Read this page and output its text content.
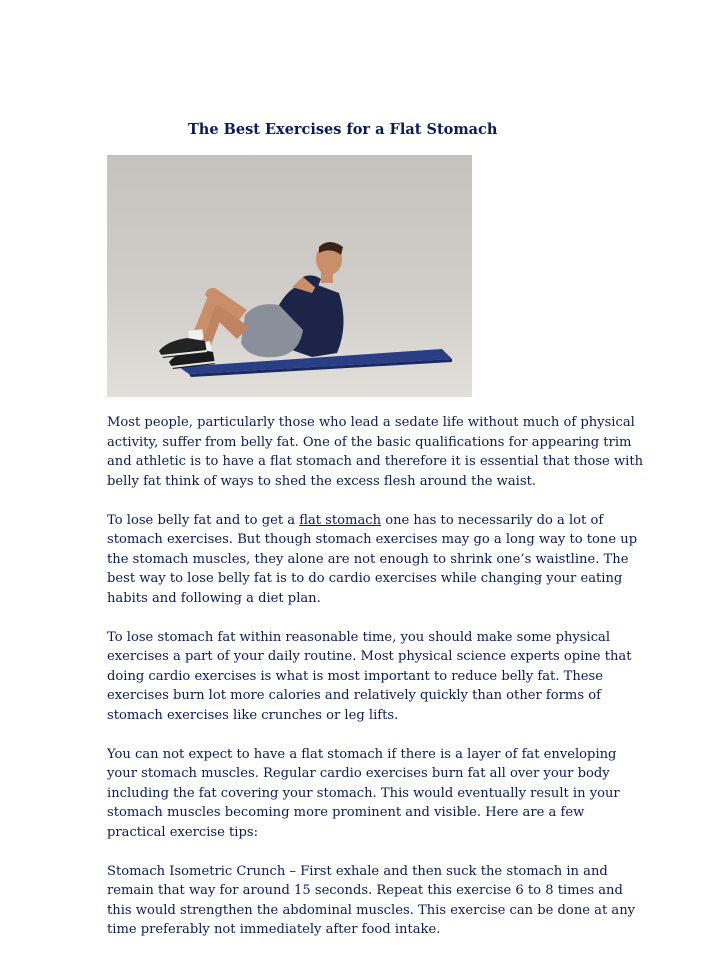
The Best Exercises for a Flat Stomach

Most people, particularly those who lead a sedate life without much of physical activity, suffer from belly fat. One of the basic qualifications for appearing trim and athletic is to have a flat stomach and therefore it is essential that those with belly fat think of ways to shed the excess flesh around the waist.

To lose belly fat and to get a flat stomach one has to necessarily do a lot of stomach exercises. But though stomach exercises may go a long way to tone up the stomach muscles, they alone are not enough to shrink one’s waistline. The best way to lose belly fat is to do cardio exercises while changing your eating habits and following a diet plan.

To lose stomach fat within reasonable time, you should make some physical exercises a part of your daily routine. Most physical science experts opine that doing cardio exercises is what is most important to reduce belly fat. These exercises burn lot more calories and relatively quickly than other forms of stomach exercises like crunches or leg lifts.

You can not expect to have a flat stomach if there is a layer of fat enveloping your stomach muscles. Regular cardio exercises burn fat all over your body including the fat covering your stomach. This would eventually result in your stomach muscles becoming more prominent and visible. Here are a few practical exercise tips:

Stomach Isometric Crunch – First exhale and then suck the stomach in and remain that way for around 15 seconds. Repeat this exercise 6 to 8 times and this would strengthen the abdominal muscles. This exercise can be done at any time preferably not immediately after food intake.
